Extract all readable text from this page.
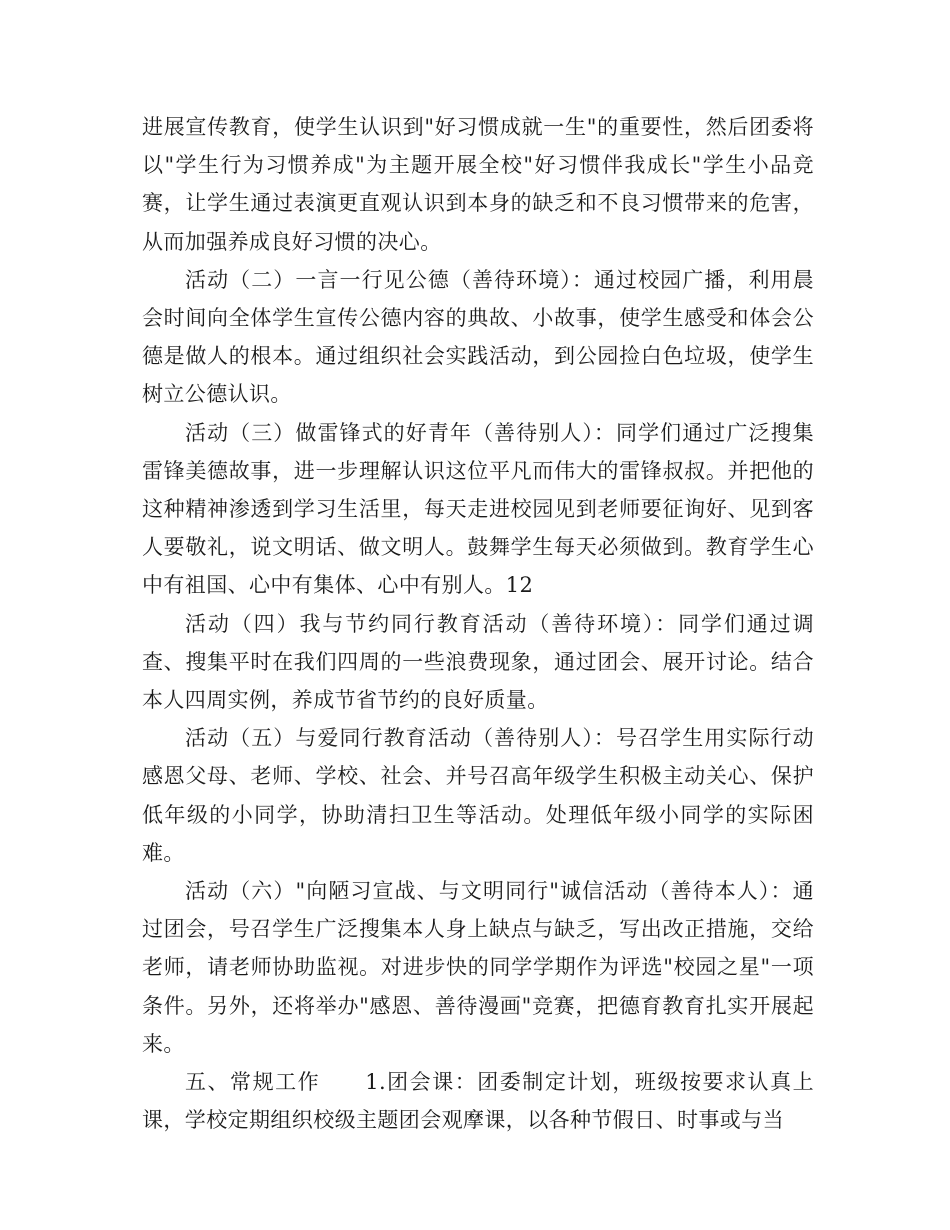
进展宣传教育，使学生认识到"好习惯成就一生"的重要性，然后团委将以"学生行为习惯养成"为主题开展全校"好习惯伴我成长"学生小品竞赛，让学生通过表演更直观认识到本身的缺乏和不良习惯带来的危害，从而加强养成良好习惯的决心。

活动（二）一言一行见公德（善待环境）：通过校园广播，利用晨会时间向全体学生宣传公德内容的典故、小故事，使学生感受和体会公德是做人的根本。通过组织社会实践活动，到公园捡白色垃圾，使学生树立公德认识。

活动（三）做雷锋式的好青年（善待别人）：同学们通过广泛搜集雷锋美德故事，进一步理解认识这位平凡而伟大的雷锋叔叔。并把他的这种精神渗透到学习生活里，每天走进校园见到老师要征询好、见到客人要敬礼，说文明话、做文明人。鼓舞学生每天必须做到。教育学生心中有祖国、心中有集体、心中有别人。12

活动（四）我与节约同行教育活动（善待环境）：同学们通过调查、搜集平时在我们四周的一些浪费现象，通过团会、展开讨论。结合本人四周实例，养成节省节约的良好质量。

活动（五）与爱同行教育活动（善待别人）：号召学生用实际行动感恩父母、老师、学校、社会、并号召高年级学生积极主动关心、保护低年级的小同学，协助清扫卫生等活动。处理低年级小同学的实际困难。

活动（六）"向陋习宣战、与文明同行"诚信活动（善待本人）：通过团会，号召学生广泛搜集本人身上缺点与缺乏，写出改正措施，交给老师，请老师协助监视。对进步快的同学学期作为评选"校园之星"一项条件。另外，还将举办"感恩、善待漫画"竞赛，把德育教育扎实开展起来。

五、常规工作　　1.团会课：团委制定计划，班级按要求认真上课，学校定期组织校级主题团会观摩课，以各种节假日、时事或与当
